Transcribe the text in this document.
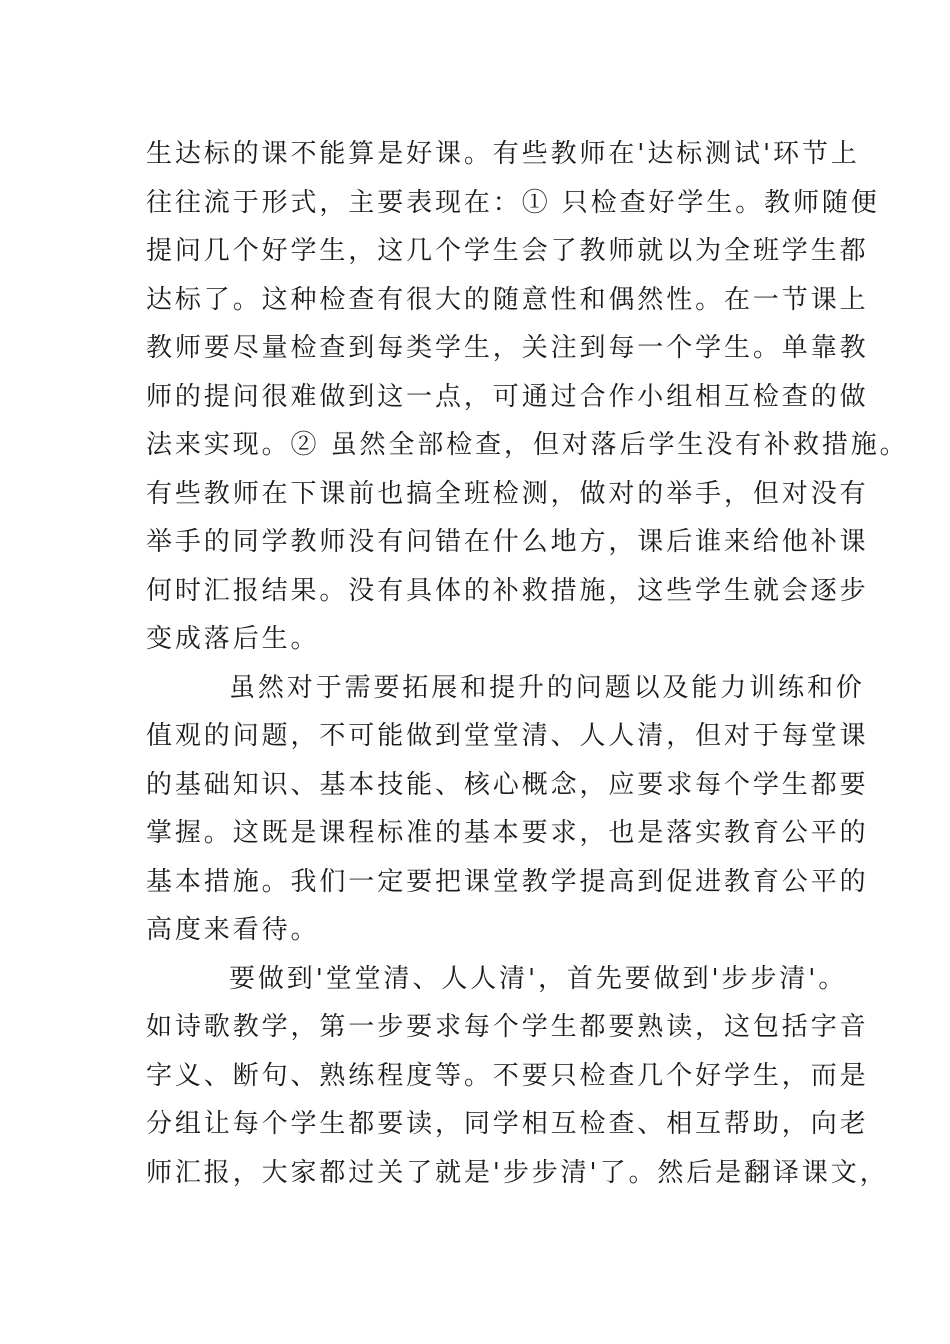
生达标的课不能算是好课。有些教师在'达标测试'环节上
往往流于形式，主要表现在：① 只检查好学生。教师随便
提问几个好学生，这几个学生会了教师就以为全班学生都
达标了。这种检查有很大的随意性和偶然性。在一节课上
教师要尽量检查到每类学生，关注到每一个学生。单靠教
师的提问很难做到这一点，可通过合作小组相互检查的做
法来实现。② 虽然全部检查，但对落后学生没有补救措施。
有些教师在下课前也搞全班检测，做对的举手，但对没有
举手的同学教师没有问错在什么地方，课后谁来给他补课
何时汇报结果。没有具体的补救措施，这些学生就会逐步
变成落后生。
虽然对于需要拓展和提升的问题以及能力训练和价
值观的问题，不可能做到堂堂清、人人清，但对于每堂课
的基础知识、基本技能、核心概念，应要求每个学生都要
掌握。这既是课程标准的基本要求，也是落实教育公平的
基本措施。我们一定要把课堂教学提高到促进教育公平的
高度来看待。
要做到'堂堂清、人人清'，首先要做到'步步清'。
如诗歌教学，第一步要求每个学生都要熟读，这包括字音
字义、断句、熟练程度等。不要只检查几个好学生，而是
分组让每个学生都要读，同学相互检查、相互帮助，向老
师汇报，大家都过关了就是'步步清'了。然后是翻译课文，
